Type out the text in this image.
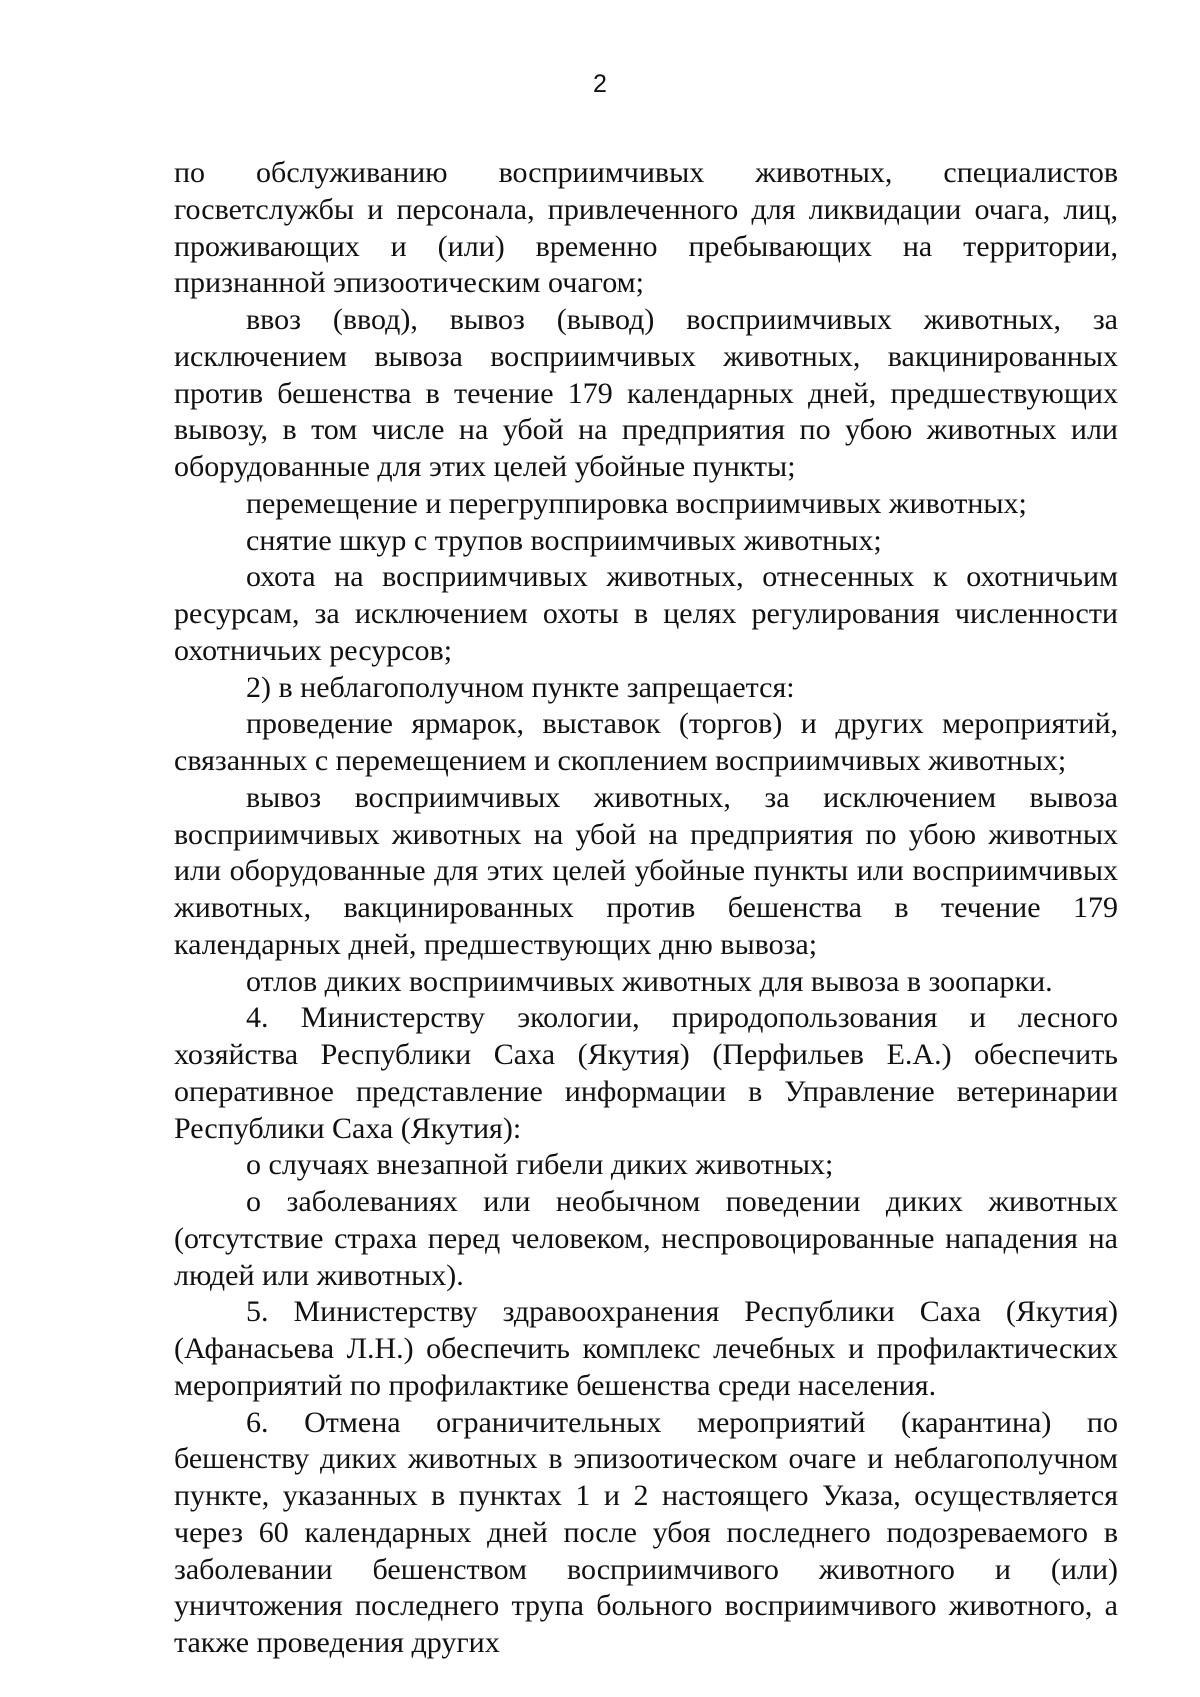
2

по обслуживанию восприимчивых животных, специалистов госветслужбы и персонала, привлеченного для ликвидации очага, лиц, проживающих и (или) временно пребывающих на территории, признанной эпизоотическим очагом;

ввоз (ввод), вывоз (вывод) восприимчивых животных, за исключением вывоза восприимчивых животных, вакцинированных против бешенства в течение 179 календарных дней, предшествующих вывозу, в том числе на убой на предприятия по убою животных или оборудованные для этих целей убойные пункты;

перемещение и перегруппировка восприимчивых животных;

снятие шкур с трупов восприимчивых животных;

охота на восприимчивых животных, отнесенных к охотничьим ресурсам, за исключением охоты в целях регулирования численности охотничьих ресурсов;

2) в неблагополучном пункте запрещается:

проведение ярмарок, выставок (торгов) и других мероприятий, связанных с перемещением и скоплением восприимчивых животных;

вывоз восприимчивых животных, за исключением вывоза восприимчивых животных на убой на предприятия по убою животных или оборудованные для этих целей убойные пункты или восприимчивых животных, вакцинированных против бешенства в течение 179 календарных дней, предшествующих дню вывоза;

отлов диких восприимчивых животных для вывоза в зоопарки.

4. Министерству экологии, природопользования и лесного хозяйства Республики Саха (Якутия) (Перфильев Е.А.) обеспечить оперативное представление информации в Управление ветеринарии Республики Саха (Якутия):

о случаях внезапной гибели диких животных;

о заболеваниях или необычном поведении диких животных (отсутствие страха перед человеком, неспровоцированные нападения на людей или животных).

5. Министерству здравоохранения Республики Саха (Якутия) (Афанасьева Л.Н.) обеспечить комплекс лечебных и профилактических мероприятий по профилактике бешенства среди населения.

6. Отмена ограничительных мероприятий (карантина) по бешенству диких животных в эпизоотическом очаге и неблагополучном пункте, указанных в пунктах 1 и 2 настоящего Указа, осуществляется через 60 календарных дней после убоя последнего подозреваемого в заболевании бешенством восприимчивого животного и (или) уничтожения последнего трупа больного восприимчивого животного, а также проведения других
